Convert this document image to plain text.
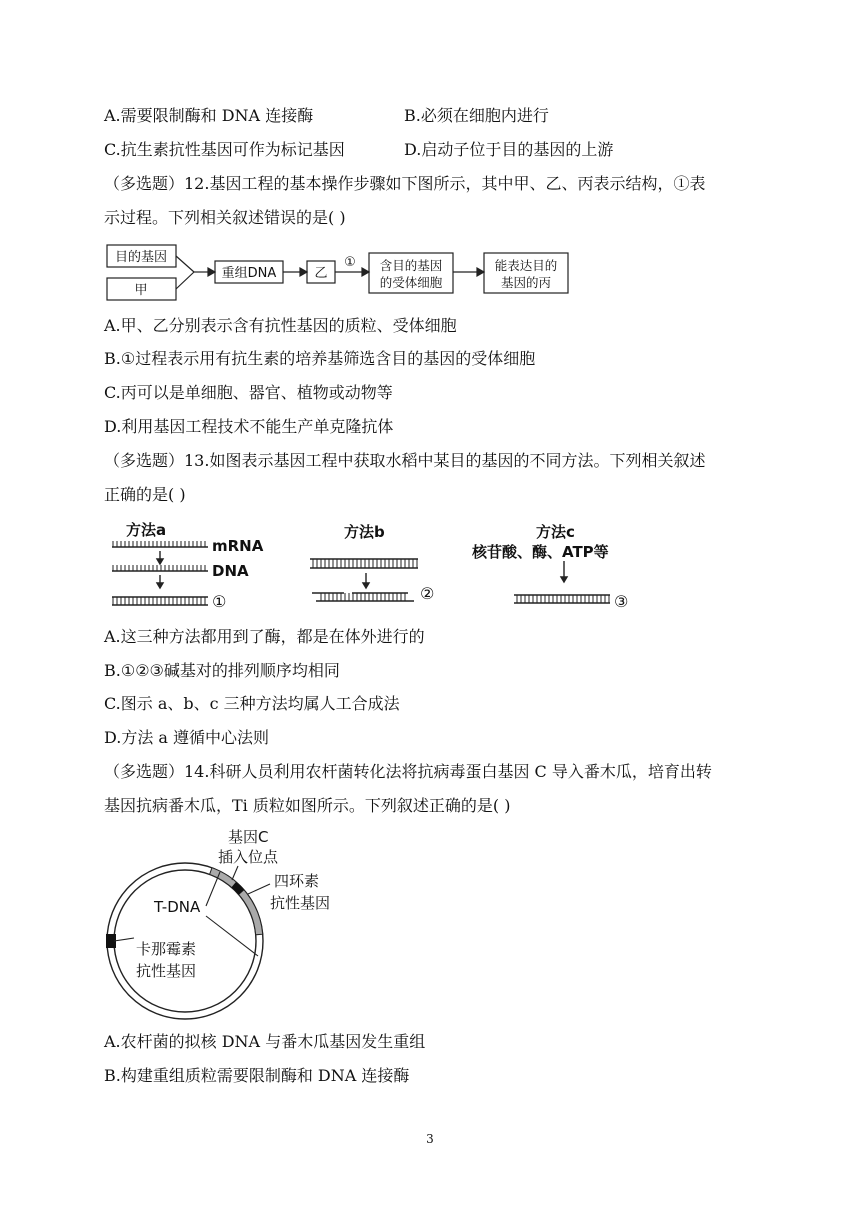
A.需要限制酶和 DNA 连接酶	B.必须在细胞内进行
C.抗生素抗性基因可作为标记基因	D.启动子位于目的基因的上游
（多选题）12.基因工程的基本操作步骤如下图所示，其中甲、乙、丙表示结构，①表
示过程。下列相关叙述错误的是( )
目的基因
甲
重组DNA	乙
① 含目的基因
的受体细胞
能表达目的
基因的丙
A.甲、乙分别表示含有抗性基因的质粒、受体细胞
B.①过程表示用有抗生素的培养基筛选含目的基因的受体细胞
C.丙可以是单细胞、器官、植物或动物等
D.利用基因工程技术不能生产单克隆抗体
（多选题）13.如图表示基因工程中获取水稻中某目的基因的不同方法。下列相关叙述
正确的是( )
方法a
mRNA
DNA
①
方法b
②
方法c
核苷酸、酶、ATP等
③
A.这三种方法都用到了酶，都是在体外进行的
B.①②③碱基对的排列顺序均相同
C.图示 a、b、c 三种方法均属人工合成法
D.方法 a 遵循中心法则
（多选题）14.科研人员利用农杆菌转化法将抗病毒蛋白基因 C 导入番木瓜，培育出转
基因抗病番木瓜，Ti 质粒如图所示。下列叙述正确的是( )
基因C
插入位点
T-DNA
四环素
抗性基因
卡那霉素
抗性基因
A.农杆菌的拟核 DNA 与番木瓜基因发生重组
B.构建重组质粒需要限制酶和 DNA 连接酶
3
